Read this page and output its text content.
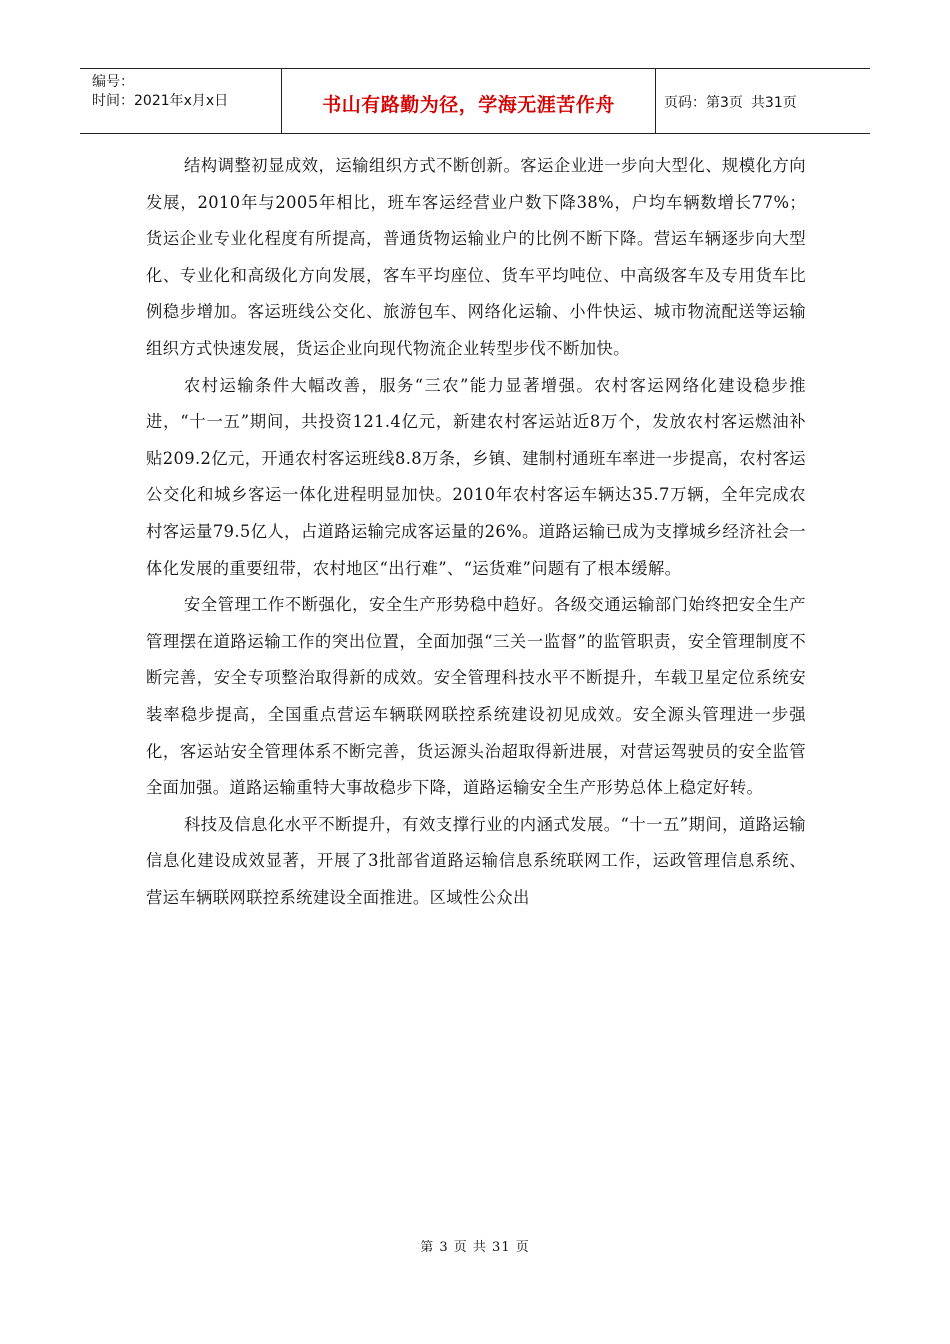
编号：
时间：2021年x月x日	书山有路勤为径，学海无涯苦作舟	页码：第3页 共31页

结构调整初显成效，运输组织方式不断创新。客运企业进一步向大型化、规模化方向发展，2010年与2005年相比，班车客运经营业户数下降38%，户均车辆数增长77%；货运企业专业化程度有所提高，普通货物运输业户的比例不断下降。营运车辆逐步向大型化、专业化和高级化方向发展，客车平均座位、货车平均吨位、中高级客车及专用货车比例稳步增加。客运班线公交化、旅游包车、网络化运输、小件快运、城市物流配送等运输组织方式快速发展，货运企业向现代物流企业转型步伐不断加快。

农村运输条件大幅改善，服务“三农”能力显著增强。农村客运网络化建设稳步推进，“十一五”期间，共投资121.4亿元，新建农村客运站近8万个，发放农村客运燃油补贴209.2亿元，开通农村客运班线8.8万条，乡镇、建制村通班车率进一步提高，农村客运公交化和城乡客运一体化进程明显加快。2010年农村客运车辆达35.7万辆，全年完成农村客运量79.5亿人，占道路运输完成客运量的26%。道路运输已成为支撑城乡经济社会一体化发展的重要纽带，农村地区“出行难”、“运货难”问题有了根本缓解。

安全管理工作不断强化，安全生产形势稳中趋好。各级交通运输部门始终把安全生产管理摆在道路运输工作的突出位置，全面加强“三关一监督”的监管职责，安全管理制度不断完善，安全专项整治取得新的成效。安全管理科技水平不断提升，车载卫星定位系统安装率稳步提高，全国重点营运车辆联网联控系统建设初见成效。安全源头管理进一步强化，客运站安全管理体系不断完善，货运源头治超取得新进展，对营运驾驶员的安全监管全面加强。道路运输重特大事故稳步下降，道路运输安全生产形势总体上稳定好转。

科技及信息化水平不断提升，有效支撑行业的内涵式发展。“十一五”期间，道路运输信息化建设成效显著，开展了3批部省道路运输信息系统联网工作，运政管理信息系统、营运车辆联网联控系统建设全面推进。区域性公众出

第 3 页 共 31 页
